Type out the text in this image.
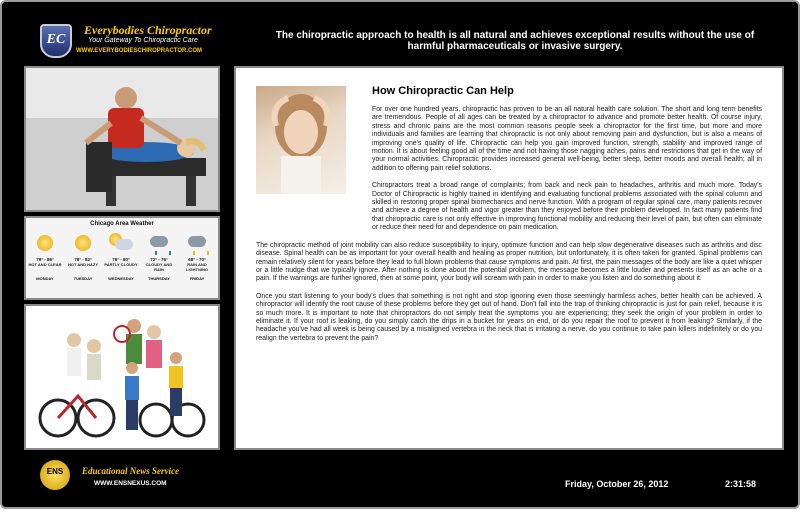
EC
Everybodies Chiropractor
Your Gateway To Chiropractic Care
WWW.EVERYBODIESCHIROPRACTOR.COM
The chiropractic approach to health is all natural and achieves exceptional results without the use of harmful pharmaceuticals or invasive surgery.
Chicago Area Weather
79° - 86°
HOT AND CLEAR
MONDAY
78° - 82°
HOT AND HAZY
TUESDAY
76° - 80°
PARTLY CLOUDY
WEDNESDAY
72° - 76°
CLOUDY AND RAIN
THURSDAY
68° - 70°
RAIN AND LIGHTNING
FRIDAY
How Chiropractic Can Help

For over one hundred years, chiropractic has proven to be an all natural health care solution. The short and long term benefits are tremendous. People of all ages can be treated by a chiropractor to advance and promote better health. Of course injury, stress and chronic pains are the most common reasons people seek a chiropractor for the first time, but more and more individuals and families are learning that chiropractic is not only about removing pain and dysfunction, but is also a means of improving one's quality of life. Chiropractic can help you gain improved function, strength, stability and improved range of motion. It is about feeling good all of the time and not having those nagging aches, pains and restrictions that get in the way of your normal activities. Chiropractic provides increased general well-being, better sleep, better moods and overall health; all in addition to offering pain relief solutions.

Chiropractors treat a broad range of complaints; from back and neck pain to headaches, arthritis and much more. Today's Doctor of Chiropractic is highly trained in identifying and evaluating functional problems associated with the spinal column and skilled in restoring proper spinal biomechanics and nerve function. With a program of regular spinal care, many patients recover and achieve a degree of health and vigor greater than they enjoyed before their problem developed. In fact many patients find that chiropractic care is not only effective in improving functional mobility and reducing their level of pain, but often can eliminate or reduce their need for and dependence on pain medication.

The chiropractic method of joint mobility can also reduce susceptibility to injury, optimize function and can help slow degenerative diseases such as arthritis and disc disease. Spinal health can be as important for your overall health and healing as proper nutrition, but unfortunately, it is often taken for granted. Spinal problems can remain relatively silent for years before they lead to full blown problems that cause symptoms and pain. At first, the pain messages of the body are like a quiet whisper or a little nudge that we typically ignore. After nothing is done about the potential problem, the message becomes a little louder and presents itself as an ache or a pain. If the warnings are further ignored, then at some point, your body will scream with pain in order to make you listen and do something about it.

Once you start listening to your body's clues that something is not right and stop ignoring even those seemingly harmless aches, better health can be achieved. A chiropractor will identify the root cause of these problems before they get out of hand. Don't fall into the trap of thinking chiropractic is just for pain relief, because it is so much more. It is important to note that chiropractors do not simply treat the symptoms you are experiencing; they seek the origin of your problem in order to eliminate it. If your roof is leaking, do you simply catch the drips in a bucket for years on end, or do you repair the roof to prevent it from leaking? Similarly, if the headache you've had all week is being caused by a misaligned vertebra in the neck that is irritating a nerve, do you continue to take pain killers indefinitely or do you realign the vertebra to prevent the pain?

ENS	Educational News Service
WWW.ENSNEXUS.COM	Friday, October 26, 2012	2:31:58
